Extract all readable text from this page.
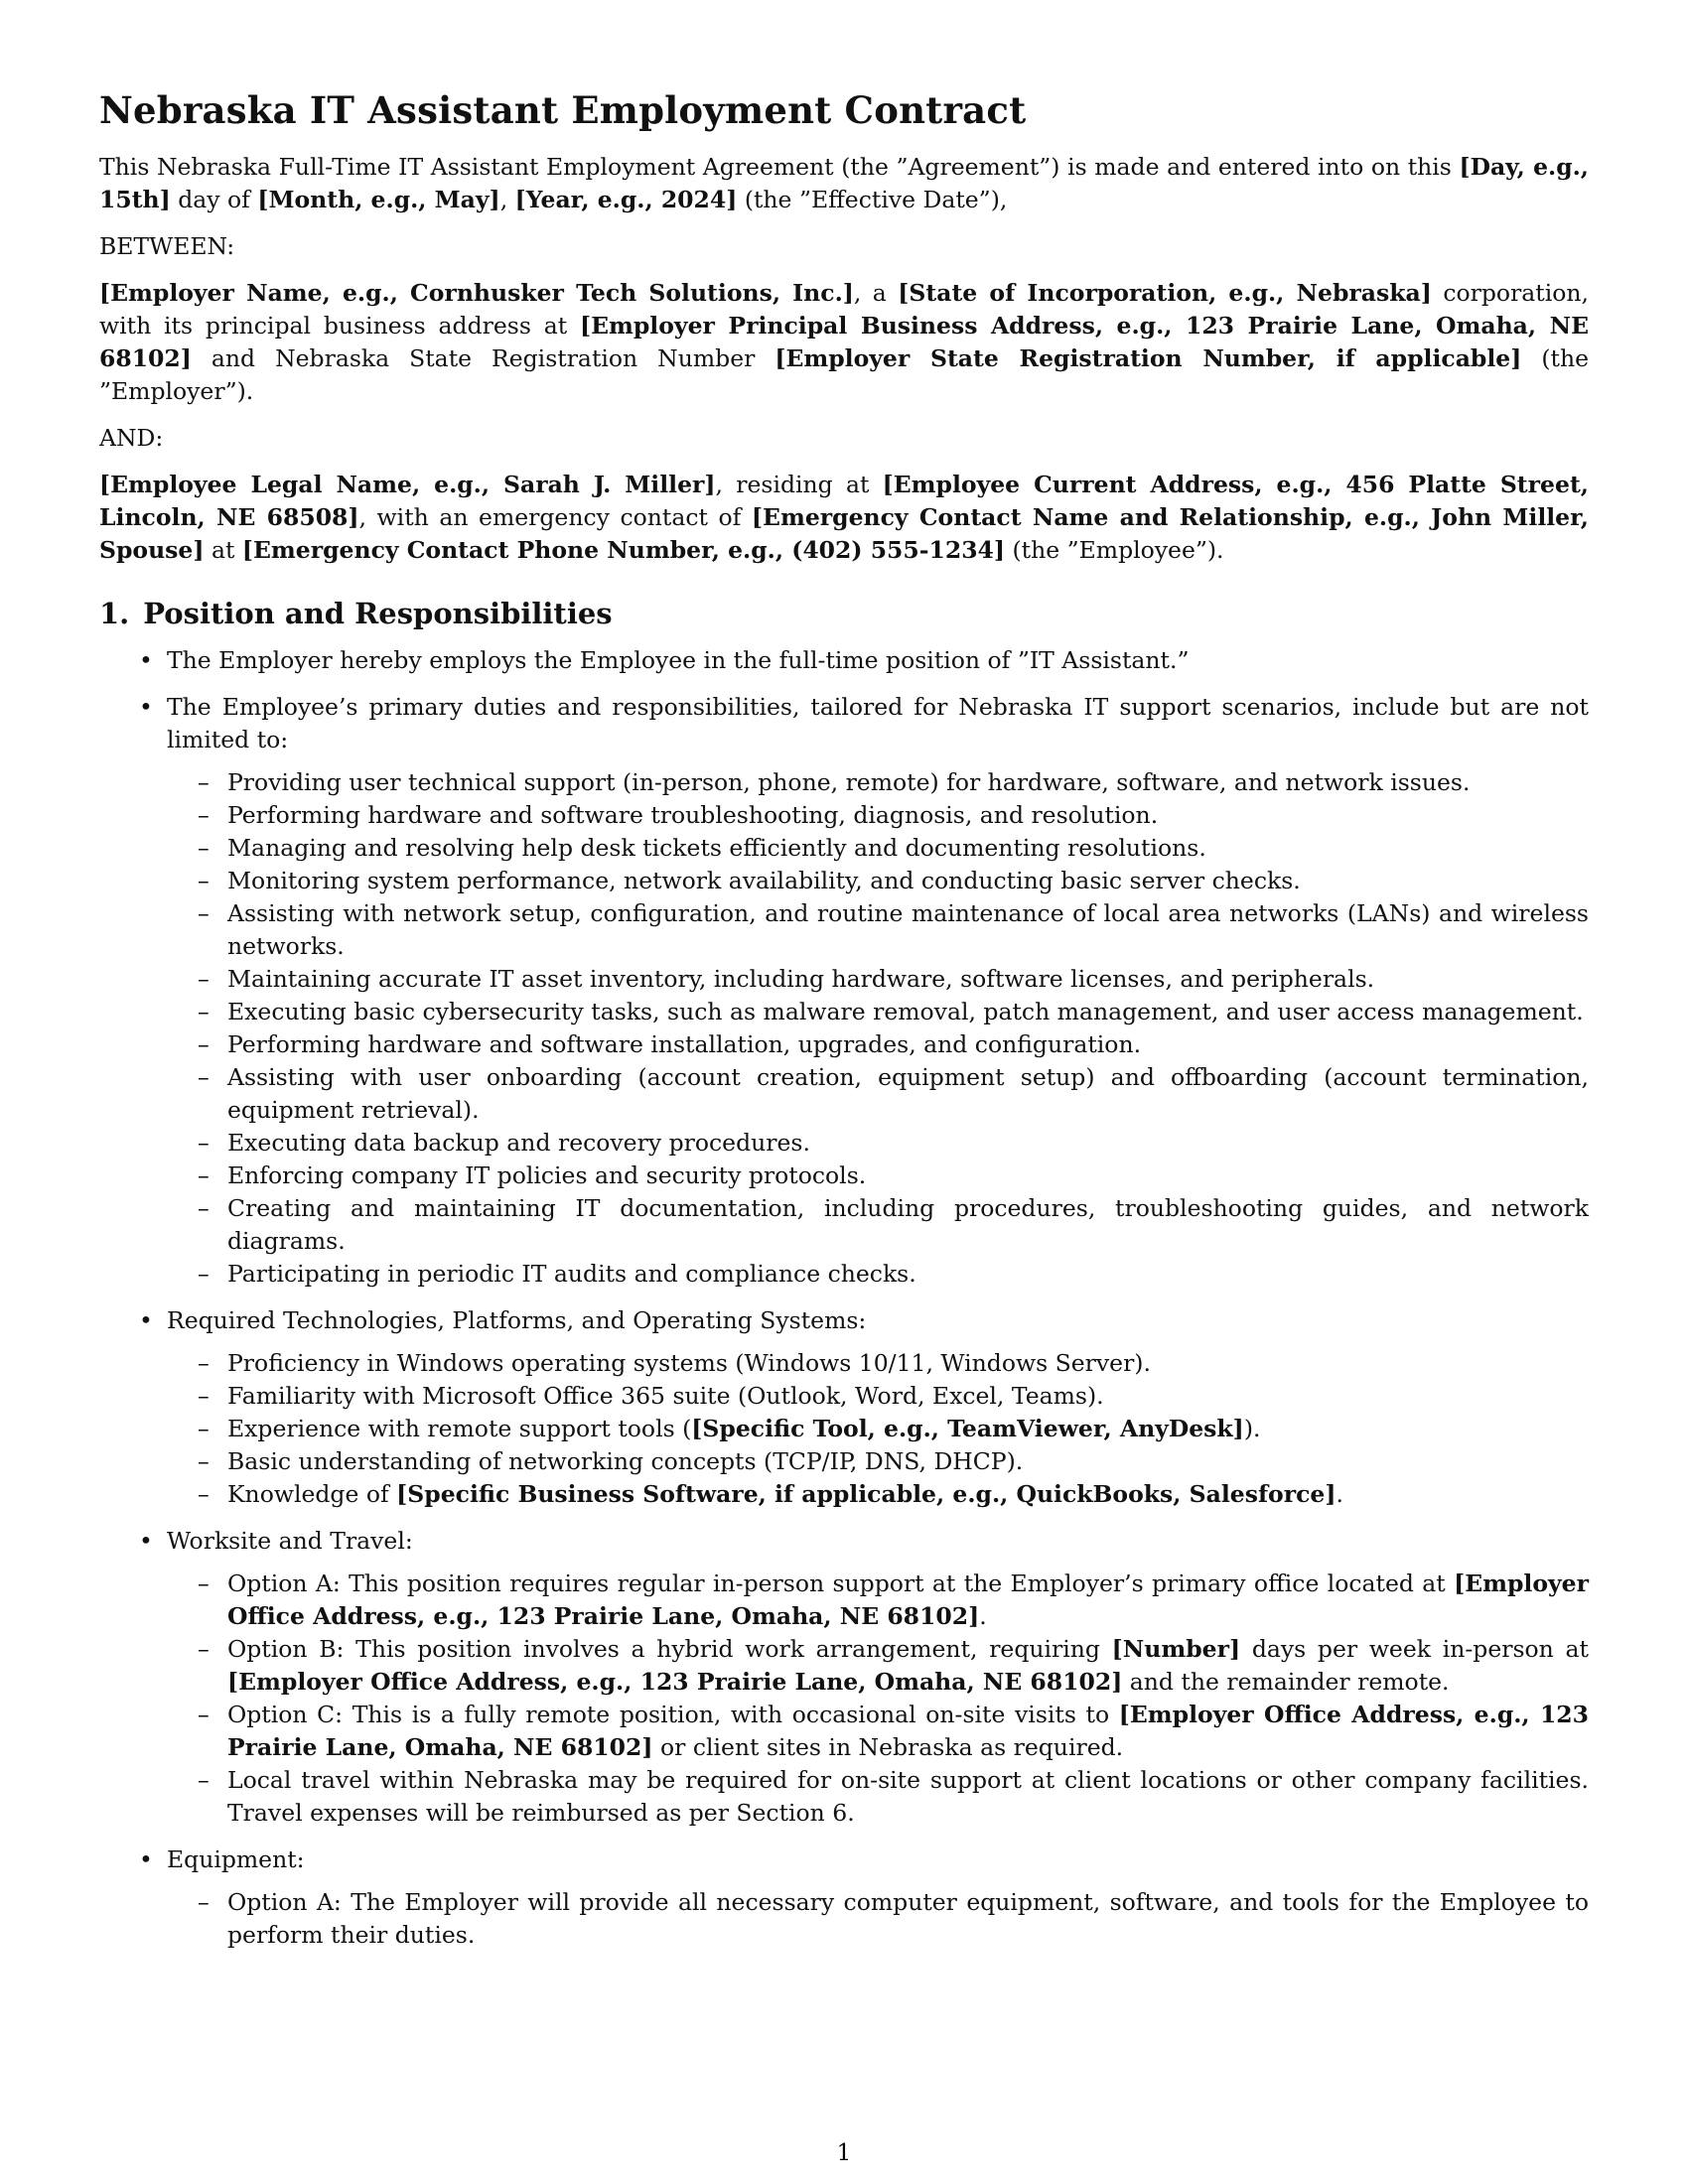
Nebraska IT Assistant Employment Contract

This Nebraska Full-Time IT Assistant Employment Agreement (the ”Agreement”) is made and entered into on this [Day, e.g., 15th] day of [Month, e.g., May], [Year, e.g., 2024] (the ”Effective Date”),

BETWEEN:

[Employer Name, e.g., Cornhusker Tech Solutions, Inc.], a [State of Incorporation, e.g., Nebraska] corporation, with its principal business address at [Employer Principal Business Address, e.g., 123 Prairie Lane, Omaha, NE 68102] and Nebraska State Registration Number [Employer State Registration Number, if applicable] (the ”Employer”).

AND:

[Employee Legal Name, e.g., Sarah J. Miller], residing at [Employee Current Address, e.g., 456 Platte Street, Lincoln, NE 68508], with an emergency contact of [Emergency Contact Name and Relationship, e.g., John Miller, Spouse] at [Emergency Contact Phone Number, e.g., (402) 555-1234] (the ”Employee”).

1. Position and Responsibilities
• The Employer hereby employs the Employee in the full-time position of ”IT Assistant.”
• The Employee’s primary duties and responsibilities, tailored for Nebraska IT support scenarios, include but are not limited to:
– Providing user technical support (in-person, phone, remote) for hardware, software, and network issues.
– Performing hardware and software troubleshooting, diagnosis, and resolution.
– Managing and resolving help desk tickets efficiently and documenting resolutions.
– Monitoring system performance, network availability, and conducting basic server checks.
– Assisting with network setup, configuration, and routine maintenance of local area networks (LANs) and wireless networks.
– Maintaining accurate IT asset inventory, including hardware, software licenses, and peripherals.
– Executing basic cybersecurity tasks, such as malware removal, patch management, and user access management.
– Performing hardware and software installation, upgrades, and configuration.
– Assisting with user onboarding (account creation, equipment setup) and offboarding (account termination, equipment retrieval).
– Executing data backup and recovery procedures.
– Enforcing company IT policies and security protocols.
– Creating and maintaining IT documentation, including procedures, troubleshooting guides, and network diagrams.
– Participating in periodic IT audits and compliance checks.
• Required Technologies, Platforms, and Operating Systems:
– Proficiency in Windows operating systems (Windows 10/11, Windows Server).
– Familiarity with Microsoft Office 365 suite (Outlook, Word, Excel, Teams).
– Experience with remote support tools ([Specific Tool, e.g., TeamViewer, AnyDesk]).
– Basic understanding of networking concepts (TCP/IP, DNS, DHCP).
– Knowledge of [Specific Business Software, if applicable, e.g., QuickBooks, Salesforce].
• Worksite and Travel:
– Option A: This position requires regular in-person support at the Employer’s primary office located at [Employer Office Address, e.g., 123 Prairie Lane, Omaha, NE 68102].
– Option B: This position involves a hybrid work arrangement, requiring [Number] days per week in-person at [Employer Office Address, e.g., 123 Prairie Lane, Omaha, NE 68102] and the remainder remote.
– Option C: This is a fully remote position, with occasional on-site visits to [Employer Office Address, e.g., 123 Prairie Lane, Omaha, NE 68102] or client sites in Nebraska as required.
– Local travel within Nebraska may be required for on-site support at client locations or other company facilities. Travel expenses will be reimbursed as per Section 6.
• Equipment:
– Option A: The Employer will provide all necessary computer equipment, software, and tools for the Employee to perform their duties.
1
